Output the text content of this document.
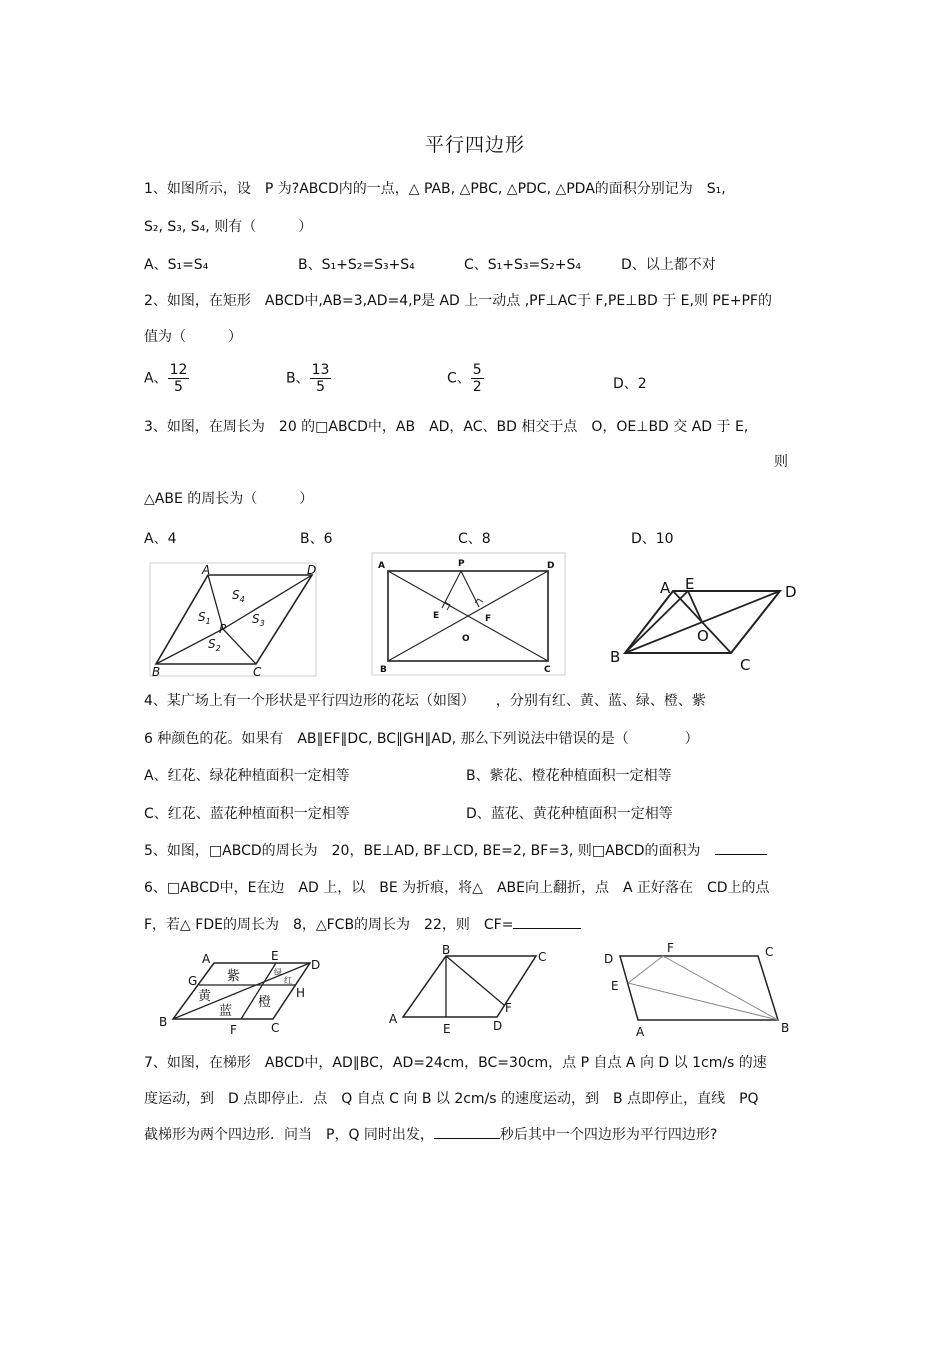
平行四边形
1、如图所示，设　P 为?ABCD内的一点，△ PAB, △PBC, △PDC, △PDA的面积分别记为　S₁,
S₂, S₃, S₄, 则有（　　　）
A、S₁=S₄	B、S₁+S₂=S₃+S₄	C、S₁+S₃=S₂+S₄	D、以上都不对
2、如图，在矩形　ABCD中,AB=3,AD=4,P是 AD 上一动点 ,PF⊥AC于 F,PE⊥BD 于 E,则 PE+PF的
值为（　　　）
A、 $\frac{12}{5}$	B、 $\frac{13}{5}$	C、 $\frac{5}{2}$	D、2
3、如图，在周长为　20 的□ABCD中，AB　AD，AC、BD 相交于点　O，OE⊥BD 交 AD 于 E,
则
△ABE 的周长为（　　　）
A、4	B、6	C、8	D、10
A	D
B	C
P
$S_4$
$S_1$	$S_3$
$S_2$
A	P	D
E	F
O
B	C
A E	D
O
B	C
4、某广场上有一个形状是平行四边形的花坛（如图）　　，分别有红、黄、蓝、绿、橙、紫
6 种颜色的花。如果有　AB∥EF∥DC, BC∥GH∥AD, 那么下列说法中错误的是（　　　　）
A、红花、绿花种植面积一定相等	B、紫花、橙花种植面积一定相等
C、红花、蓝花种植面积一定相等	D、蓝花、黄花种植面积一定相等
5、如图，□ABCD的周长为　20，BE⊥AD, BF⊥CD, BE=2, BF=3, 则□ABCD的面积为　
6、□ABCD中，E在边　AD 上，以　BE 为折痕，将△　ABE向上翻折，点　A 正好落在　CD上的点
F，若△ FDE的周长为　8，△FCB的周长为　22，则　CF=
A	E
D
G
H
B
F	C
紫
黄
蓝
橙
绿
红
B	C
F
A
E	D
F	C
D
E
A	B
7、如图，在梯形　ABCD中，AD∥BC，AD=24cm，BC=30cm，点 P 自点 A 向 D 以 1cm/s 的速
度运动，到　D 点即停止．点　Q 自点 C 向 B 以 2cm/s 的速度运动，到　B 点即停止，直线　PQ
截梯形为两个四边形．问当　P，Q 同时出发，	秒后其中一个四边形为平行四边形?
